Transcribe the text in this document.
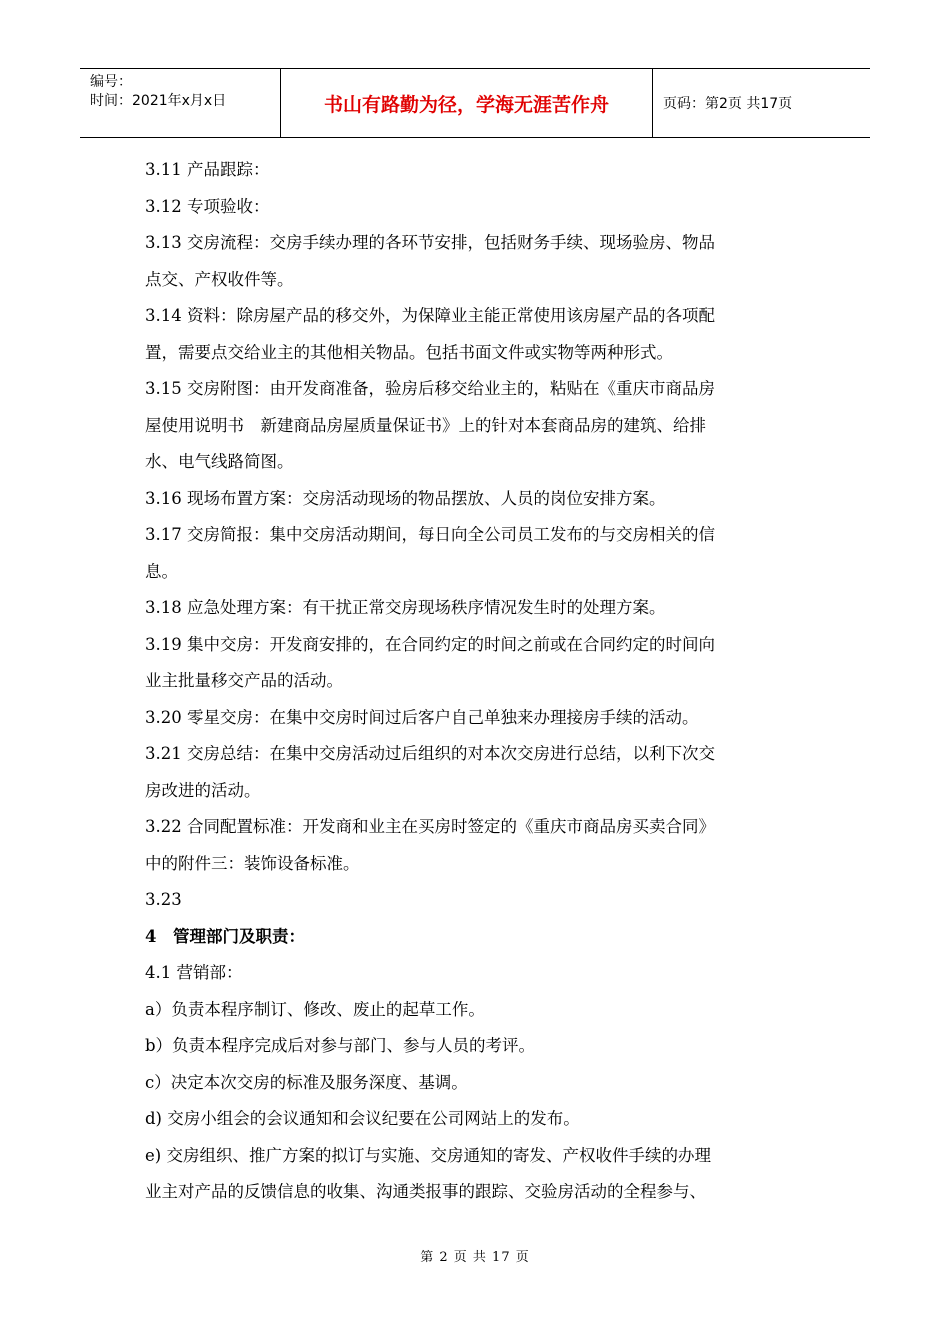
编号：
时间：2021年x月x日	书山有路勤为径，学海无涯苦作舟	页码：第2页 共17页

3.11 产品跟踪：

3.12 专项验收：

3.13 交房流程：交房手续办理的各环节安排，包括财务手续、现场验房、物品

点交、产权收件等。

3.14 资料：除房屋产品的移交外，为保障业主能正常使用该房屋产品的各项配

置，需要点交给业主的其他相关物品。包括书面文件或实物等两种形式。

3.15 交房附图：由开发商准备，验房后移交给业主的，粘贴在《重庆市商品房

屋使用说明书　新建商品房屋质量保证书》上的针对本套商品房的建筑、给排

水、电气线路简图。

3.16 现场布置方案：交房活动现场的物品摆放、人员的岗位安排方案。

3.17 交房简报：集中交房活动期间，每日向全公司员工发布的与交房相关的信

息。

3.18 应急处理方案：有干扰正常交房现场秩序情况发生时的处理方案。

3.19 集中交房：开发商安排的，在合同约定的时间之前或在合同约定的时间向

业主批量移交产品的活动。

3.20 零星交房：在集中交房时间过后客户自己单独来办理接房手续的活动。

3.21 交房总结：在集中交房活动过后组织的对本次交房进行总结，以利下次交

房改进的活动。

3.22 合同配置标准：开发商和业主在买房时签定的《重庆市商品房买卖合同》

中的附件三：装饰设备标准。

3.23

4　管理部门及职责：

4.1 营销部：

a）负责本程序制订、修改、废止的起草工作。

b）负责本程序完成后对参与部门、参与人员的考评。

c）决定本次交房的标准及服务深度、基调。

d) 交房小组会的会议通知和会议纪要在公司网站上的发布。

e) 交房组织、推广方案的拟订与实施、交房通知的寄发、产权收件手续的办理

业主对产品的反馈信息的收集、沟通类报事的跟踪、交验房活动的全程参与、

第 2 页 共 17 页
